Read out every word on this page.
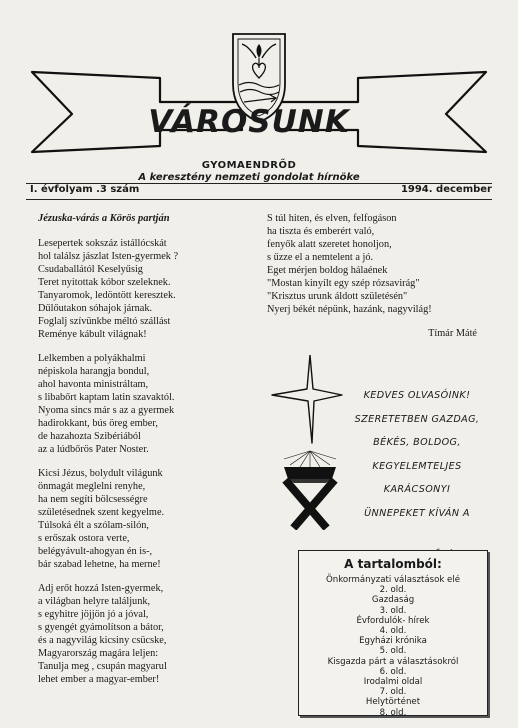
VÁROSUNK
GYOMAENDRŐD
A keresztény nemzeti gondolat hírnöke
I. évfolyam .3 szám	1994. december
Jézuska-várás a Körös partján
Lesepertek sokszáz istállócskát
hol találsz jászlat Isten-gyermek ?
Csudaballától Keselyűsig
Teret nyitottak kóbor szeleknek.
Tanyaromok, ledöntött keresztek.
Dűlőutakon sóhajok járnak.
Foglalj szívünkbe méltó szállást
Reménye kábult világnak!
Lelkemben a polyákhalmi
népiskola harangja bondul,
ahol havonta ministráltam,
s libabőrt kaptam latin szavaktól.
Nyoma sincs már s az a gyermek
hadirokkant, bús öreg ember,
de hazahozta Szibériából
az a lúdbőrös Pater Noster.
Kicsi Jézus, bolydult világunk
önmagát meglelni renyhe,
ha nem segíti bölcsességre
születésednek szent kegyelme.
Túlsoká élt a szólam-silón,
s erőszak ostora verte,
belégyávult-ahogyan én is-,
bár szabad lehetne, ha merne!
Adj erőt hozzá Isten-gyermek,
a világban helyre találjunk,
s egyhitre jöjjön jó a jóval,
s gyengét gyámolítson a bátor,
és a nagyvilág kicsiny csücske,
Magyarország magára leljen:
Tanulja meg , csupán magyarul
lehet ember a magyar-ember!
S túl hiten, és elven, felfogáson
ha tiszta és emberért való,
fenyők alatt szeretet honoljon,
s űzze el a nemtelent a jó.
Eget mérjen boldog hálaének
"Mostan kinyílt egy szép rózsavirág"
"Krisztus urunk áldott születésén"
Nyerj békét népünk, hazánk, nagyvilág!
Tímár Máté
KEDVES OLVASÓINK!
SZERETETBEN GAZDAG,
BÉKÉS, BOLDOG,
KEGYELEMTELJES
KARÁCSONYI
ÜNNEPEKET KÍVÁN A
A tartalomból:
Önkormányzati választások elé
2. old.
Gazdaság
3. old.
Évfordulók- hírek
4. old.
Egyházi krónika
5. old.
Kisgazda párt a választásokról
6. old.
Irodalmi oldal
7. old.
Helytörténet
8. old.
